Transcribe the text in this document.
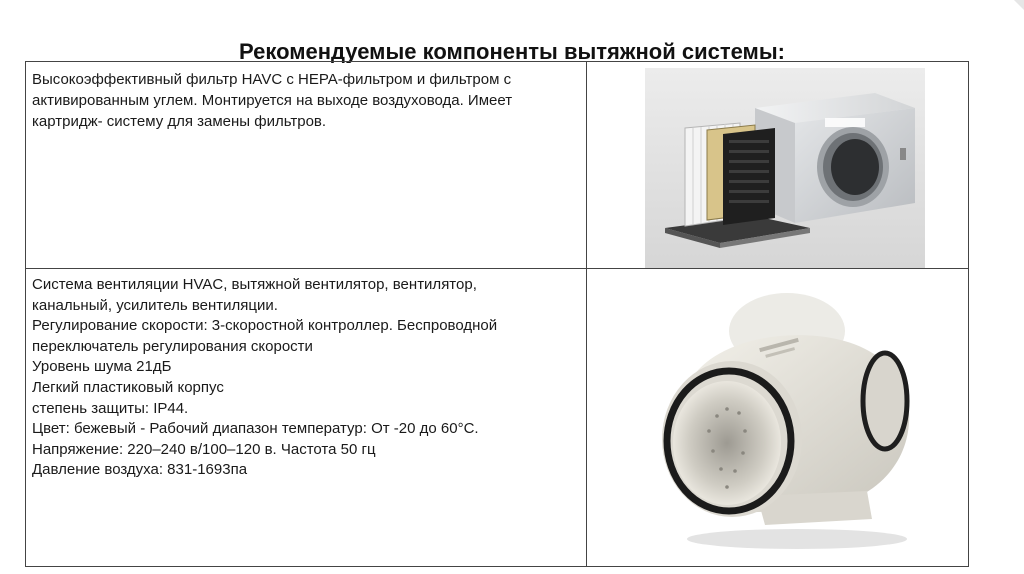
Рекомендуемые компоненты вытяжной системы:
Высокоэффективный фильтр HAVC с HEPA-фильтром и фильтром с
активированным углем. Монтируется на выходе воздуховода. Имеет
картридж- систему для замены фильтров.
Система вентиляции HVAC, вытяжной вентилятор, вентилятор,
канальный, усилитель вентиляции.
Регулирование скорости: 3-скоростной контроллер. Беспроводной
переключатель регулирования скорости
Уровень шума 21дБ
Легкий пластиковый корпус
степень защиты: IP44.
Цвет: бежевый - Рабочий диапазон температур: От -20 до 60°C.
Напряжение: 220–240 в/100–120 в. Частота 50 гц
Давление воздуха: 831-1693па
